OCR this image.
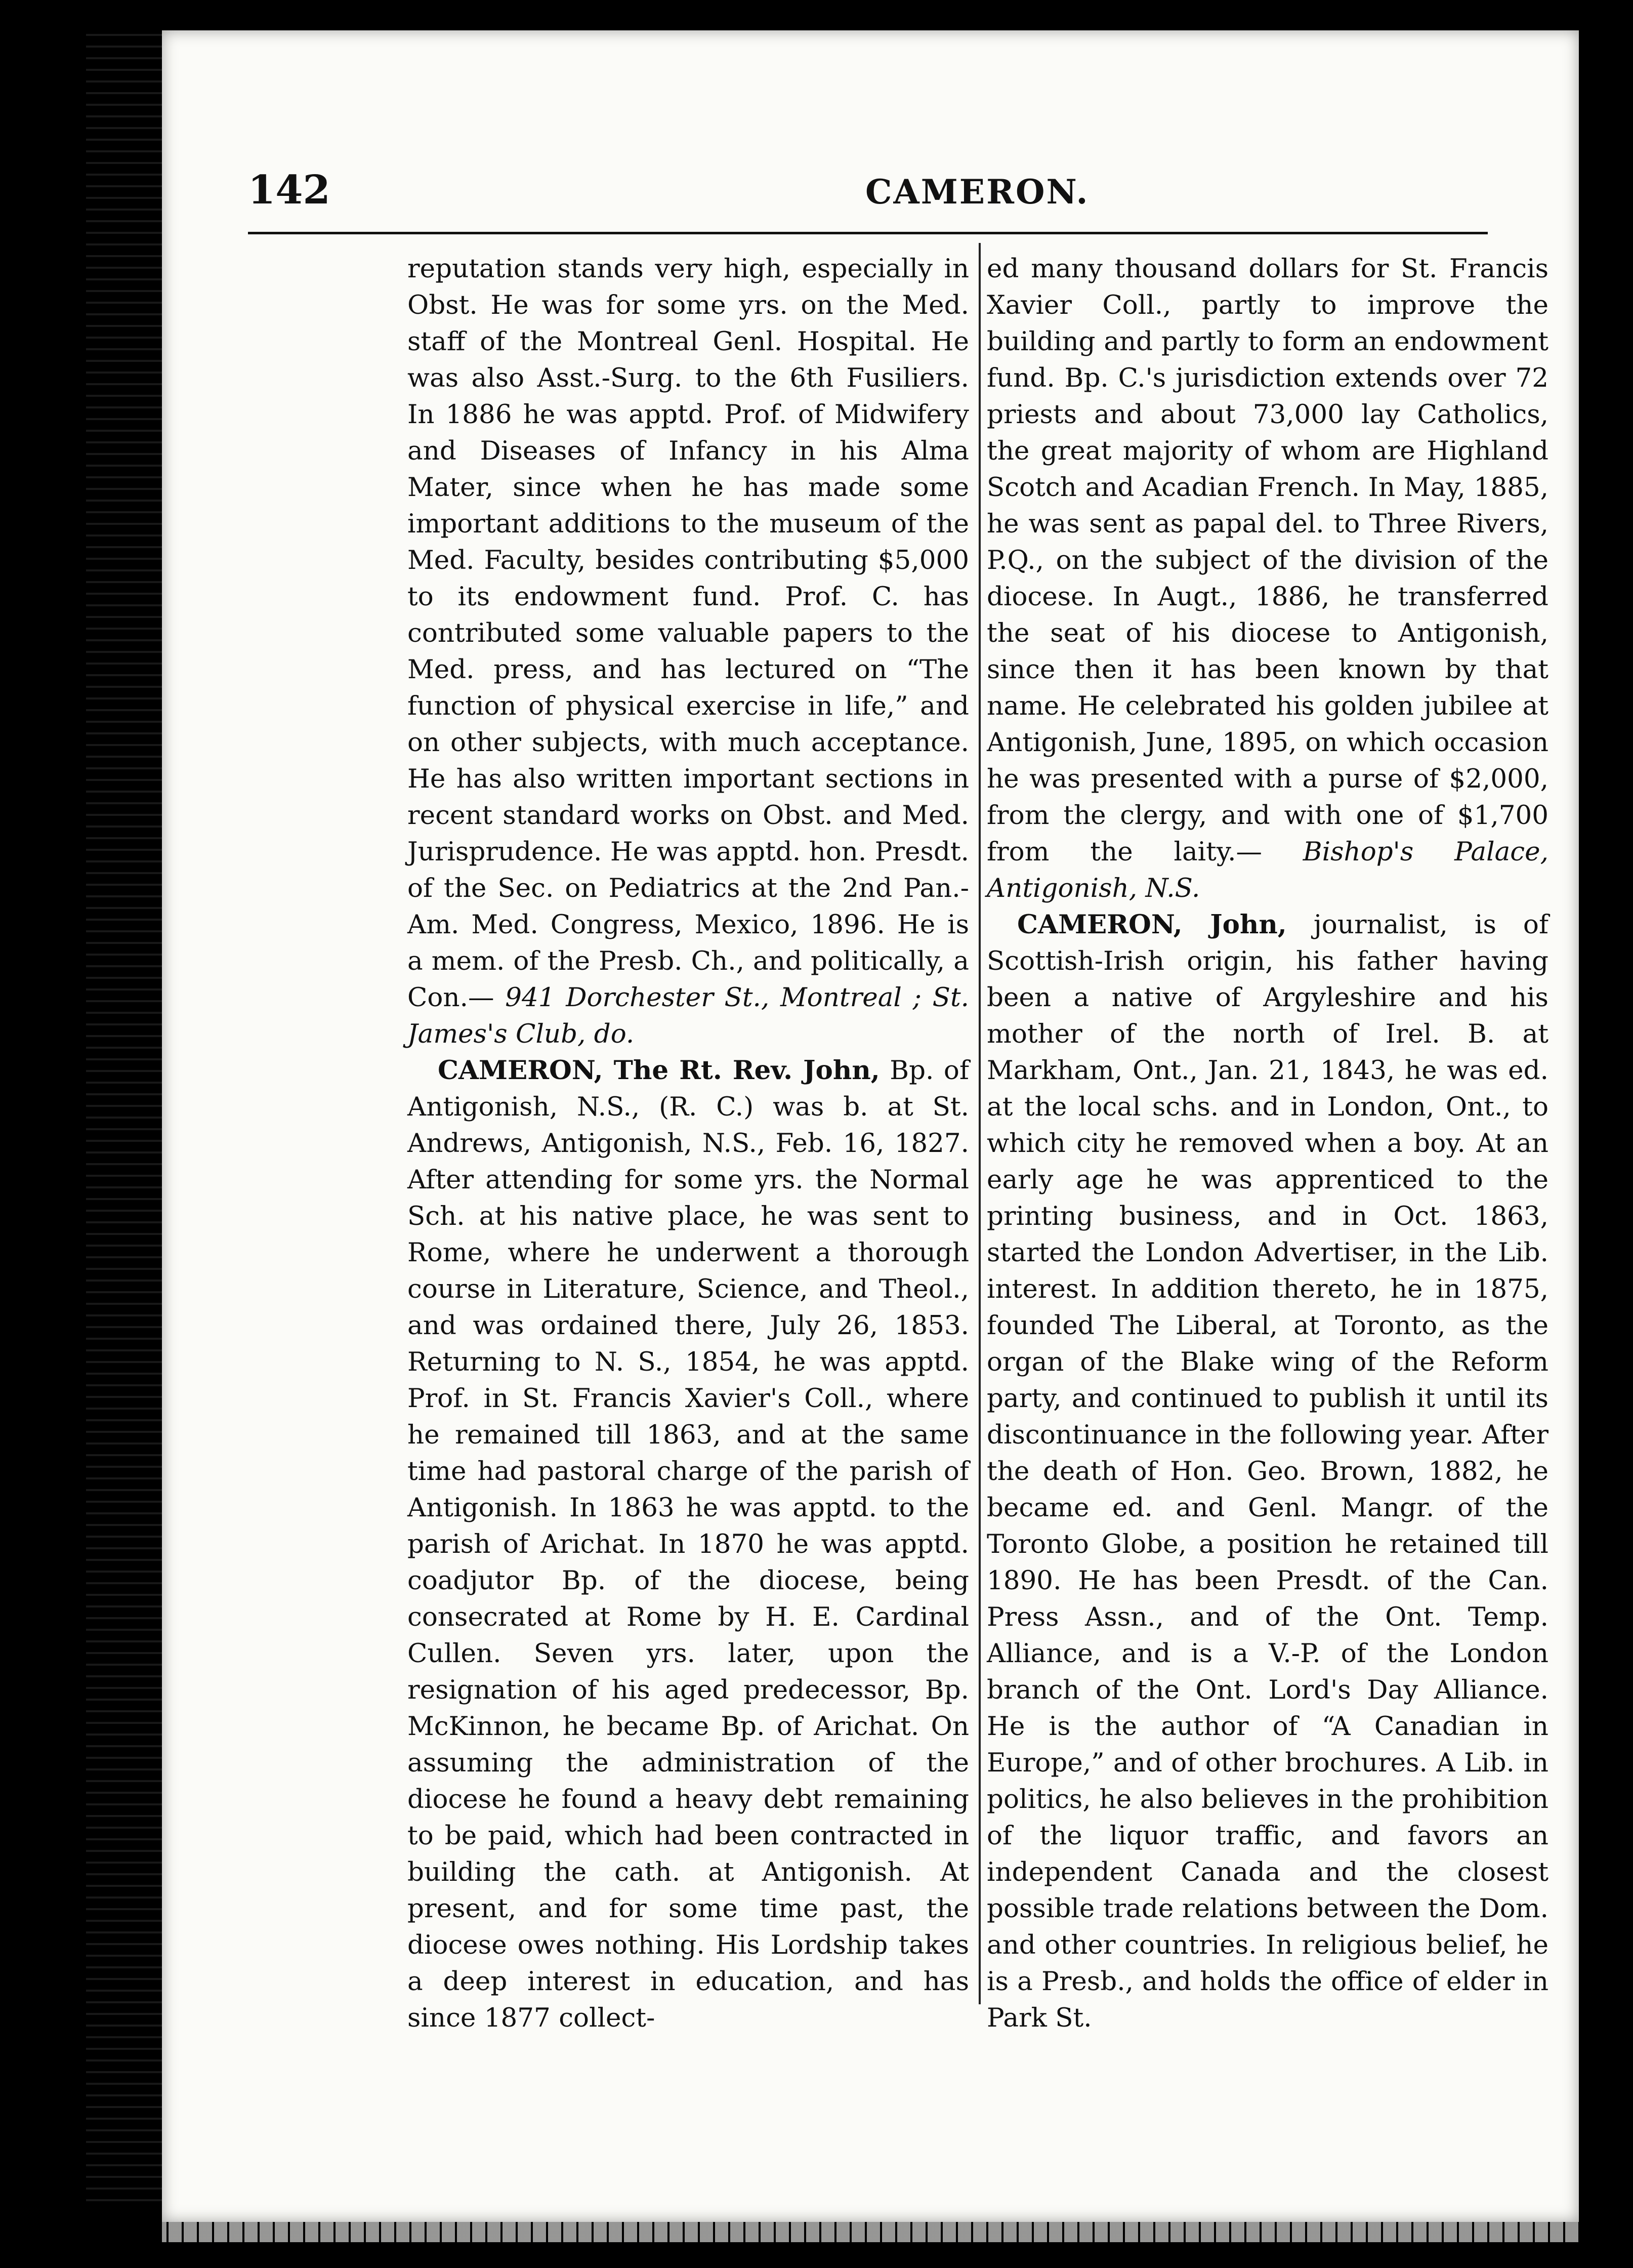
142	CAMERON.

reputation stands very high, especially in Obst. He was for some yrs. on the Med. staff of the Montreal Genl. Hospital. He was also Asst.-Surg. to the 6th Fusiliers. In 1886 he was apptd. Prof. of Midwifery and Diseases of Infancy in his Alma Mater, since when he has made some important additions to the museum of the Med. Faculty, besides contributing $5,000 to its endowment fund. Prof. C. has contributed some valuable papers to the Med. press, and has lectured on “The function of physical exercise in life,” and on other subjects, with much acceptance. He has also written important sections in recent standard works on Obst. and Med. Jurisprudence. He was apptd. hon. Presdt. of the Sec. on Pediatrics at the 2nd Pan.-Am. Med. Congress, Mexico, 1896. He is a mem. of the Presb. Ch., and politically, a Con.— 941 Dorchester St., Montreal ; St. James's Club, do.

CAMERON, The Rt. Rev. John, Bp. of Antigonish, N.S., (R. C.) was b. at St. Andrews, Antigonish, N.S., Feb. 16, 1827. After attending for some yrs. the Normal Sch. at his native place, he was sent to Rome, where he underwent a thorough course in Literature, Science, and Theol., and was ordained there, July 26, 1853. Returning to N. S., 1854, he was apptd. Prof. in St. Francis Xavier's Coll., where he remained till 1863, and at the same time had pastoral charge of the parish of Antigonish. In 1863 he was apptd. to the parish of Arichat. In 1870 he was apptd. coadjutor Bp. of the diocese, being consecrated at Rome by H. E. Cardinal Cullen. Seven yrs. later, upon the resignation of his aged predecessor, Bp. McKinnon, he became Bp. of Arichat. On assuming the administration of the diocese he found a heavy debt remaining to be paid, which had been contracted in building the cath. at Antigonish. At present, and for some time past, the diocese owes nothing. His Lordship takes a deep interest in education, and has since 1877 collect-

ed many thousand dollars for St. Francis Xavier Coll., partly to improve the building and partly to form an endowment fund. Bp. C.'s jurisdiction extends over 72 priests and about 73,000 lay Catholics, the great majority of whom are Highland Scotch and Acadian French. In May, 1885, he was sent as papal del. to Three Rivers, P.Q., on the subject of the division of the diocese. In Augt., 1886, he transferred the seat of his diocese to Antigonish, since then it has been known by that name. He celebrated his golden jubilee at Antigonish, June, 1895, on which occasion he was presented with a purse of $2,000, from the clergy, and with one of $1,700 from the laity.— Bishop's Palace, Antigonish, N.S.

CAMERON, John, journalist, is of Scottish-Irish origin, his father having been a native of Argyleshire and his mother of the north of Irel. B. at Markham, Ont., Jan. 21, 1843, he was ed. at the local schs. and in London, Ont., to which city he removed when a boy. At an early age he was apprenticed to the printing business, and in Oct. 1863, started the London Advertiser, in the Lib. interest. In addition thereto, he in 1875, founded The Liberal, at Toronto, as the organ of the Blake wing of the Reform party, and continued to publish it until its discontinuance in the following year. After the death of Hon. Geo. Brown, 1882, he became ed. and Genl. Mangr. of the Toronto Globe, a position he retained till 1890. He has been Presdt. of the Can. Press Assn., and of the Ont. Temp. Alliance, and is a V.-P. of the London branch of the Ont. Lord's Day Alliance. He is the author of “A Canadian in Europe,” and of other brochures. A Lib. in politics, he also believes in the prohibition of the liquor traffic, and favors an independent Canada and the closest possible trade relations between the Dom. and other countries. In religious belief, he is a Presb., and holds the office of elder in Park St.
